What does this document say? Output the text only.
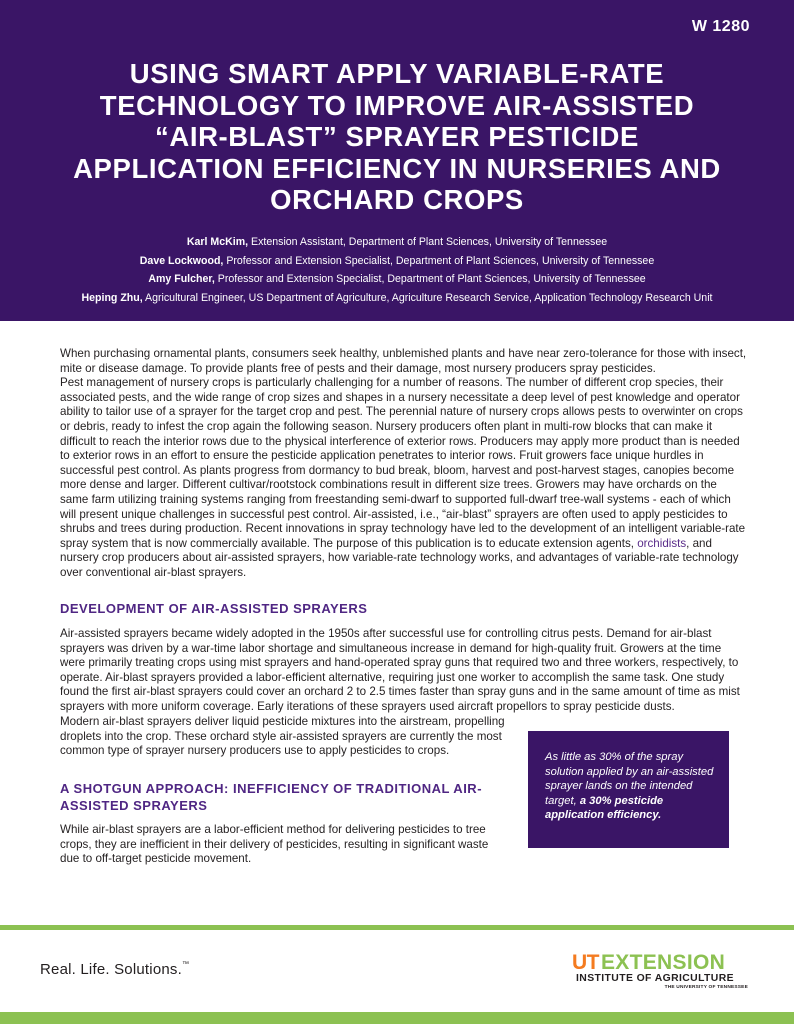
W 1280
USING SMART APPLY VARIABLE-RATE TECHNOLOGY TO IMPROVE AIR-ASSISTED “AIR-BLAST” SPRAYER PESTICIDE APPLICATION EFFICIENCY IN NURSERIES AND ORCHARD CROPS
Karl McKim, Extension Assistant, Department of Plant Sciences, University of Tennessee
Dave Lockwood, Professor and Extension Specialist, Department of Plant Sciences, University of Tennessee
Amy Fulcher, Professor and Extension Specialist, Department of Plant Sciences, University of Tennessee
Heping Zhu, Agricultural Engineer, US Department of Agriculture, Agriculture Research Service, Application Technology Research Unit

When purchasing ornamental plants, consumers seek healthy, unblemished plants and have near zero-tolerance for those with insect, mite or disease damage. To provide plants free of pests and their damage, most nursery producers spray pesticides.

Pest management of nursery crops is particularly challenging for a number of reasons. The number of different crop species, their associated pests, and the wide range of crop sizes and shapes in a nursery necessitate a deep level of pest knowledge and operator ability to tailor use of a sprayer for the target crop and pest. The perennial nature of nursery crops allows pests to overwinter on crops or debris, ready to infest the crop again the following season. Nursery producers often plant in multi-row blocks that can make it difficult to reach the interior rows due to the physical interference of exterior rows. Producers may apply more product than is needed to exterior rows in an effort to ensure the pesticide application penetrates to interior rows. Fruit growers face unique hurdles in successful pest control. As plants progress from dormancy to bud break, bloom, harvest and post-harvest stages, canopies become more dense and larger. Different cultivar/rootstock combinations result in different size trees. Growers may have orchards on the same farm utilizing training systems ranging from freestanding semi-dwarf to supported full-dwarf tree-wall systems - each of which will present unique challenges in successful pest control. Air-assisted, i.e., “air-blast” sprayers are often used to apply pesticides to shrubs and trees during production. Recent innovations in spray technology have led to the development of an intelligent variable-rate spray system that is now commercially available. The purpose of this publication is to educate extension agents, orchidists, and nursery crop producers about air-assisted sprayers, how variable-rate technology works, and advantages of variable-rate technology over conventional air-blast sprayers.

DEVELOPMENT OF AIR-ASSISTED SPRAYERS

Air-assisted sprayers became widely adopted in the 1950s after successful use for controlling citrus pests. Demand for air-blast sprayers was driven by a war-time labor shortage and simultaneous increase in demand for high-quality fruit. Growers at the time were primarily treating crops using mist sprayers and hand-operated spray guns that required two and three workers, respectively, to operate. Air-blast sprayers provided a labor-efficient alternative, requiring just one worker to accomplish the same task. One study found the first air-blast sprayers could cover an orchard 2 to 2.5 times faster than spray guns and in the same amount of time as mist sprayers with more uniform coverage. Early iterations of these sprayers used aircraft propellors to spray pesticide dusts.

Modern air-blast sprayers deliver liquid pesticide mixtures into the airstream, propelling droplets into the crop. These orchard style air-assisted sprayers are currently the most common type of sprayer nursery producers use to apply pesticides to crops.

A SHOTGUN APPROACH: INEFFICIENCY OF TRADITIONAL AIR-ASSISTED SPRAYERS

While air-blast sprayers are a labor-efficient method for delivering pesticides to tree crops, they are inefficient in their delivery of pesticides, resulting in significant waste due to off-target pesticide movement.

As little as 30% of the spray solution applied by an air-assisted sprayer lands on the intended target, a 30% pesticide application efficiency.
Real. Life. Solutions.™	UT EXTENSION
INSTITUTE OF AGRICULTURE
THE UNIVERSITY OF TENNESSEE
